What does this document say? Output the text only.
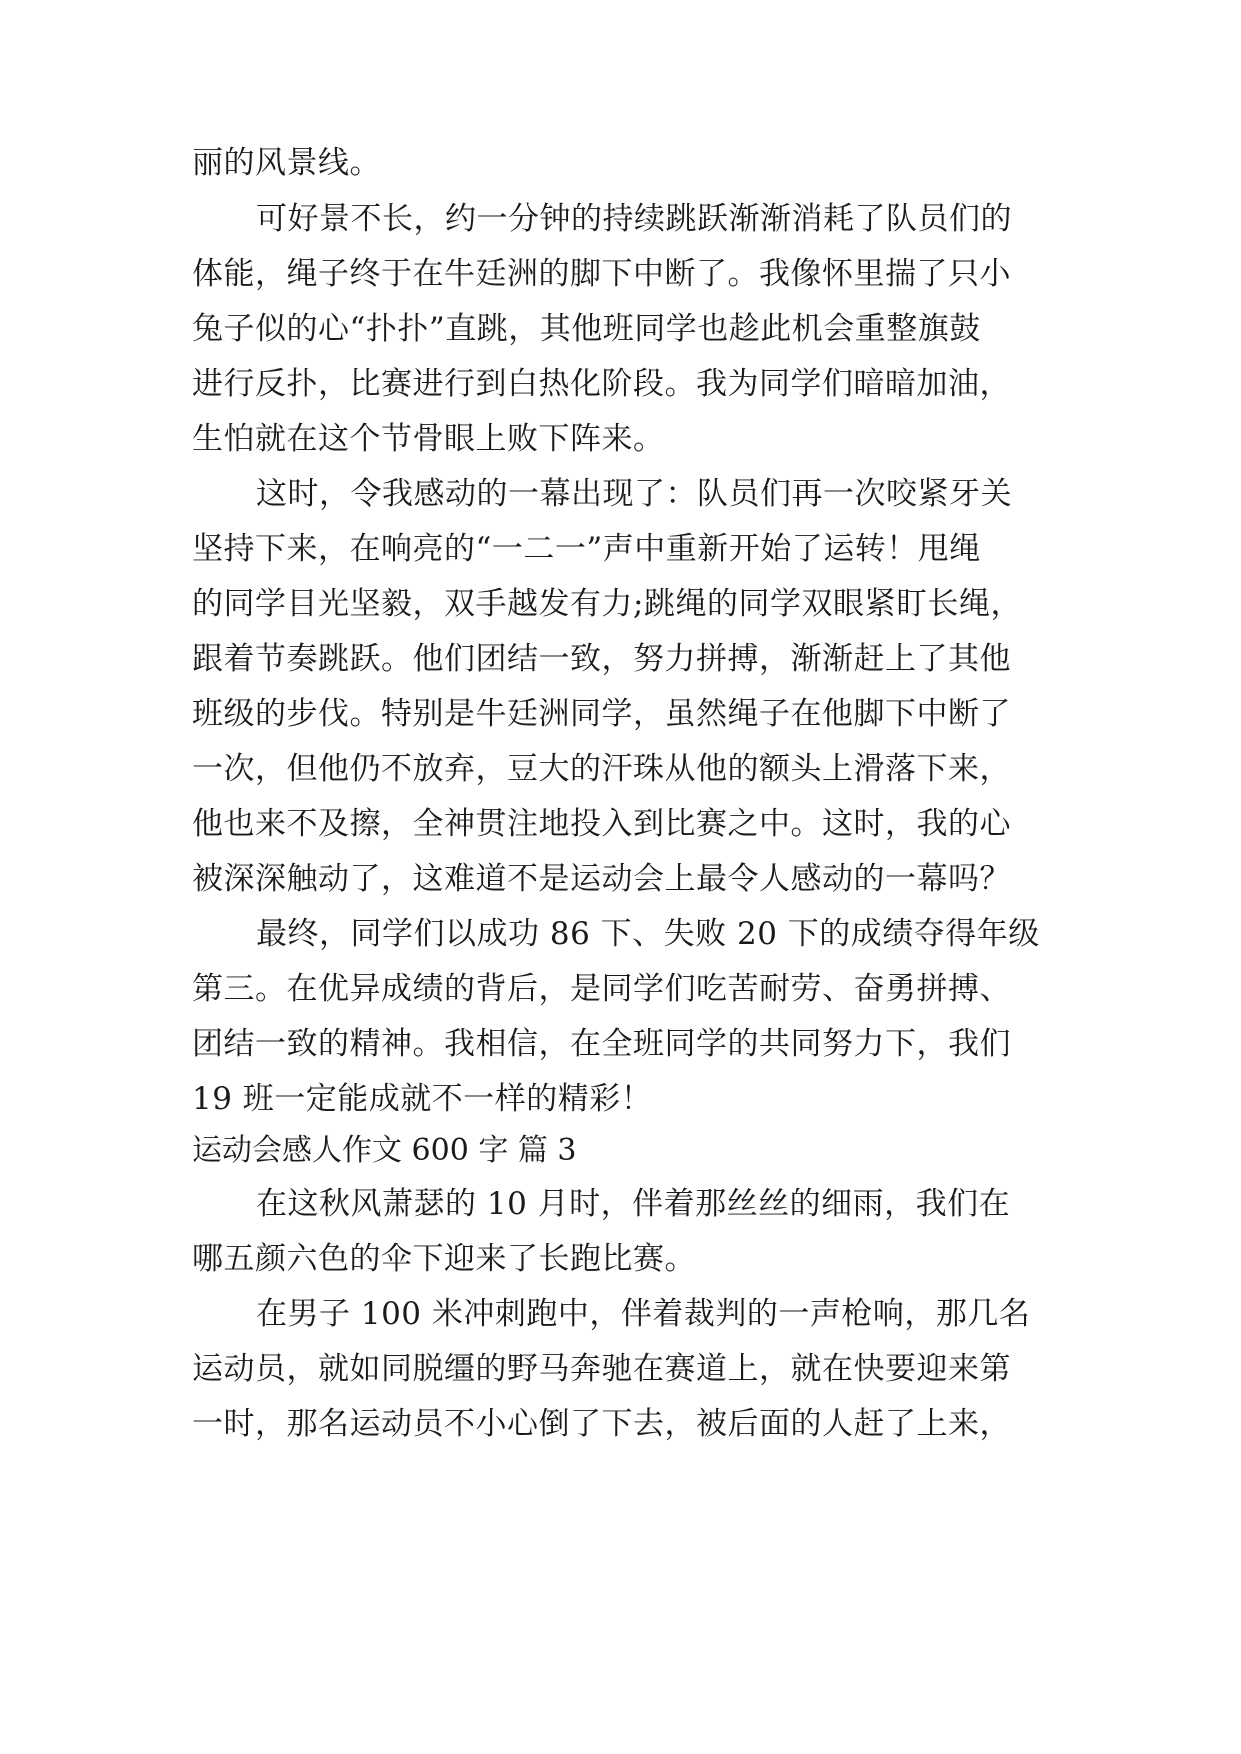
丽的风景线。
可好景不长，约一分钟的持续跳跃渐渐消耗了队员们的
体能，绳子终于在牛廷洲的脚下中断了。我像怀里揣了只小
兔子似的心“扑扑”直跳，其他班同学也趁此机会重整旗鼓
进行反扑，比赛进行到白热化阶段。我为同学们暗暗加油，
生怕就在这个节骨眼上败下阵来。
这时，令我感动的一幕出现了：队员们再一次咬紧牙关
坚持下来，在响亮的“一二一”声中重新开始了运转！甩绳
的同学目光坚毅，双手越发有力;跳绳的同学双眼紧盯长绳，
跟着节奏跳跃。他们团结一致，努力拼搏，渐渐赶上了其他
班级的步伐。特别是牛廷洲同学，虽然绳子在他脚下中断了
一次，但他仍不放弃，豆大的汗珠从他的额头上滑落下来，
他也来不及擦，全神贯注地投入到比赛之中。这时，我的心
被深深触动了，这难道不是运动会上最令人感动的一幕吗？
最终，同学们以成功 86 下、失败 20 下的成绩夺得年级
第三。在优异成绩的背后，是同学们吃苦耐劳、奋勇拼搏、
团结一致的精神。我相信，在全班同学的共同努力下，我们
19 班一定能成就不一样的精彩！
运动会感人作文 600 字 篇 3
在这秋风萧瑟的 10 月时，伴着那丝丝的细雨，我们在
哪五颜六色的伞下迎来了长跑比赛。
在男子 100 米冲刺跑中，伴着裁判的一声枪响，那几名
运动员，就如同脱缰的野马奔驰在赛道上，就在快要迎来第
一时，那名运动员不小心倒了下去，被后面的人赶了上来，
